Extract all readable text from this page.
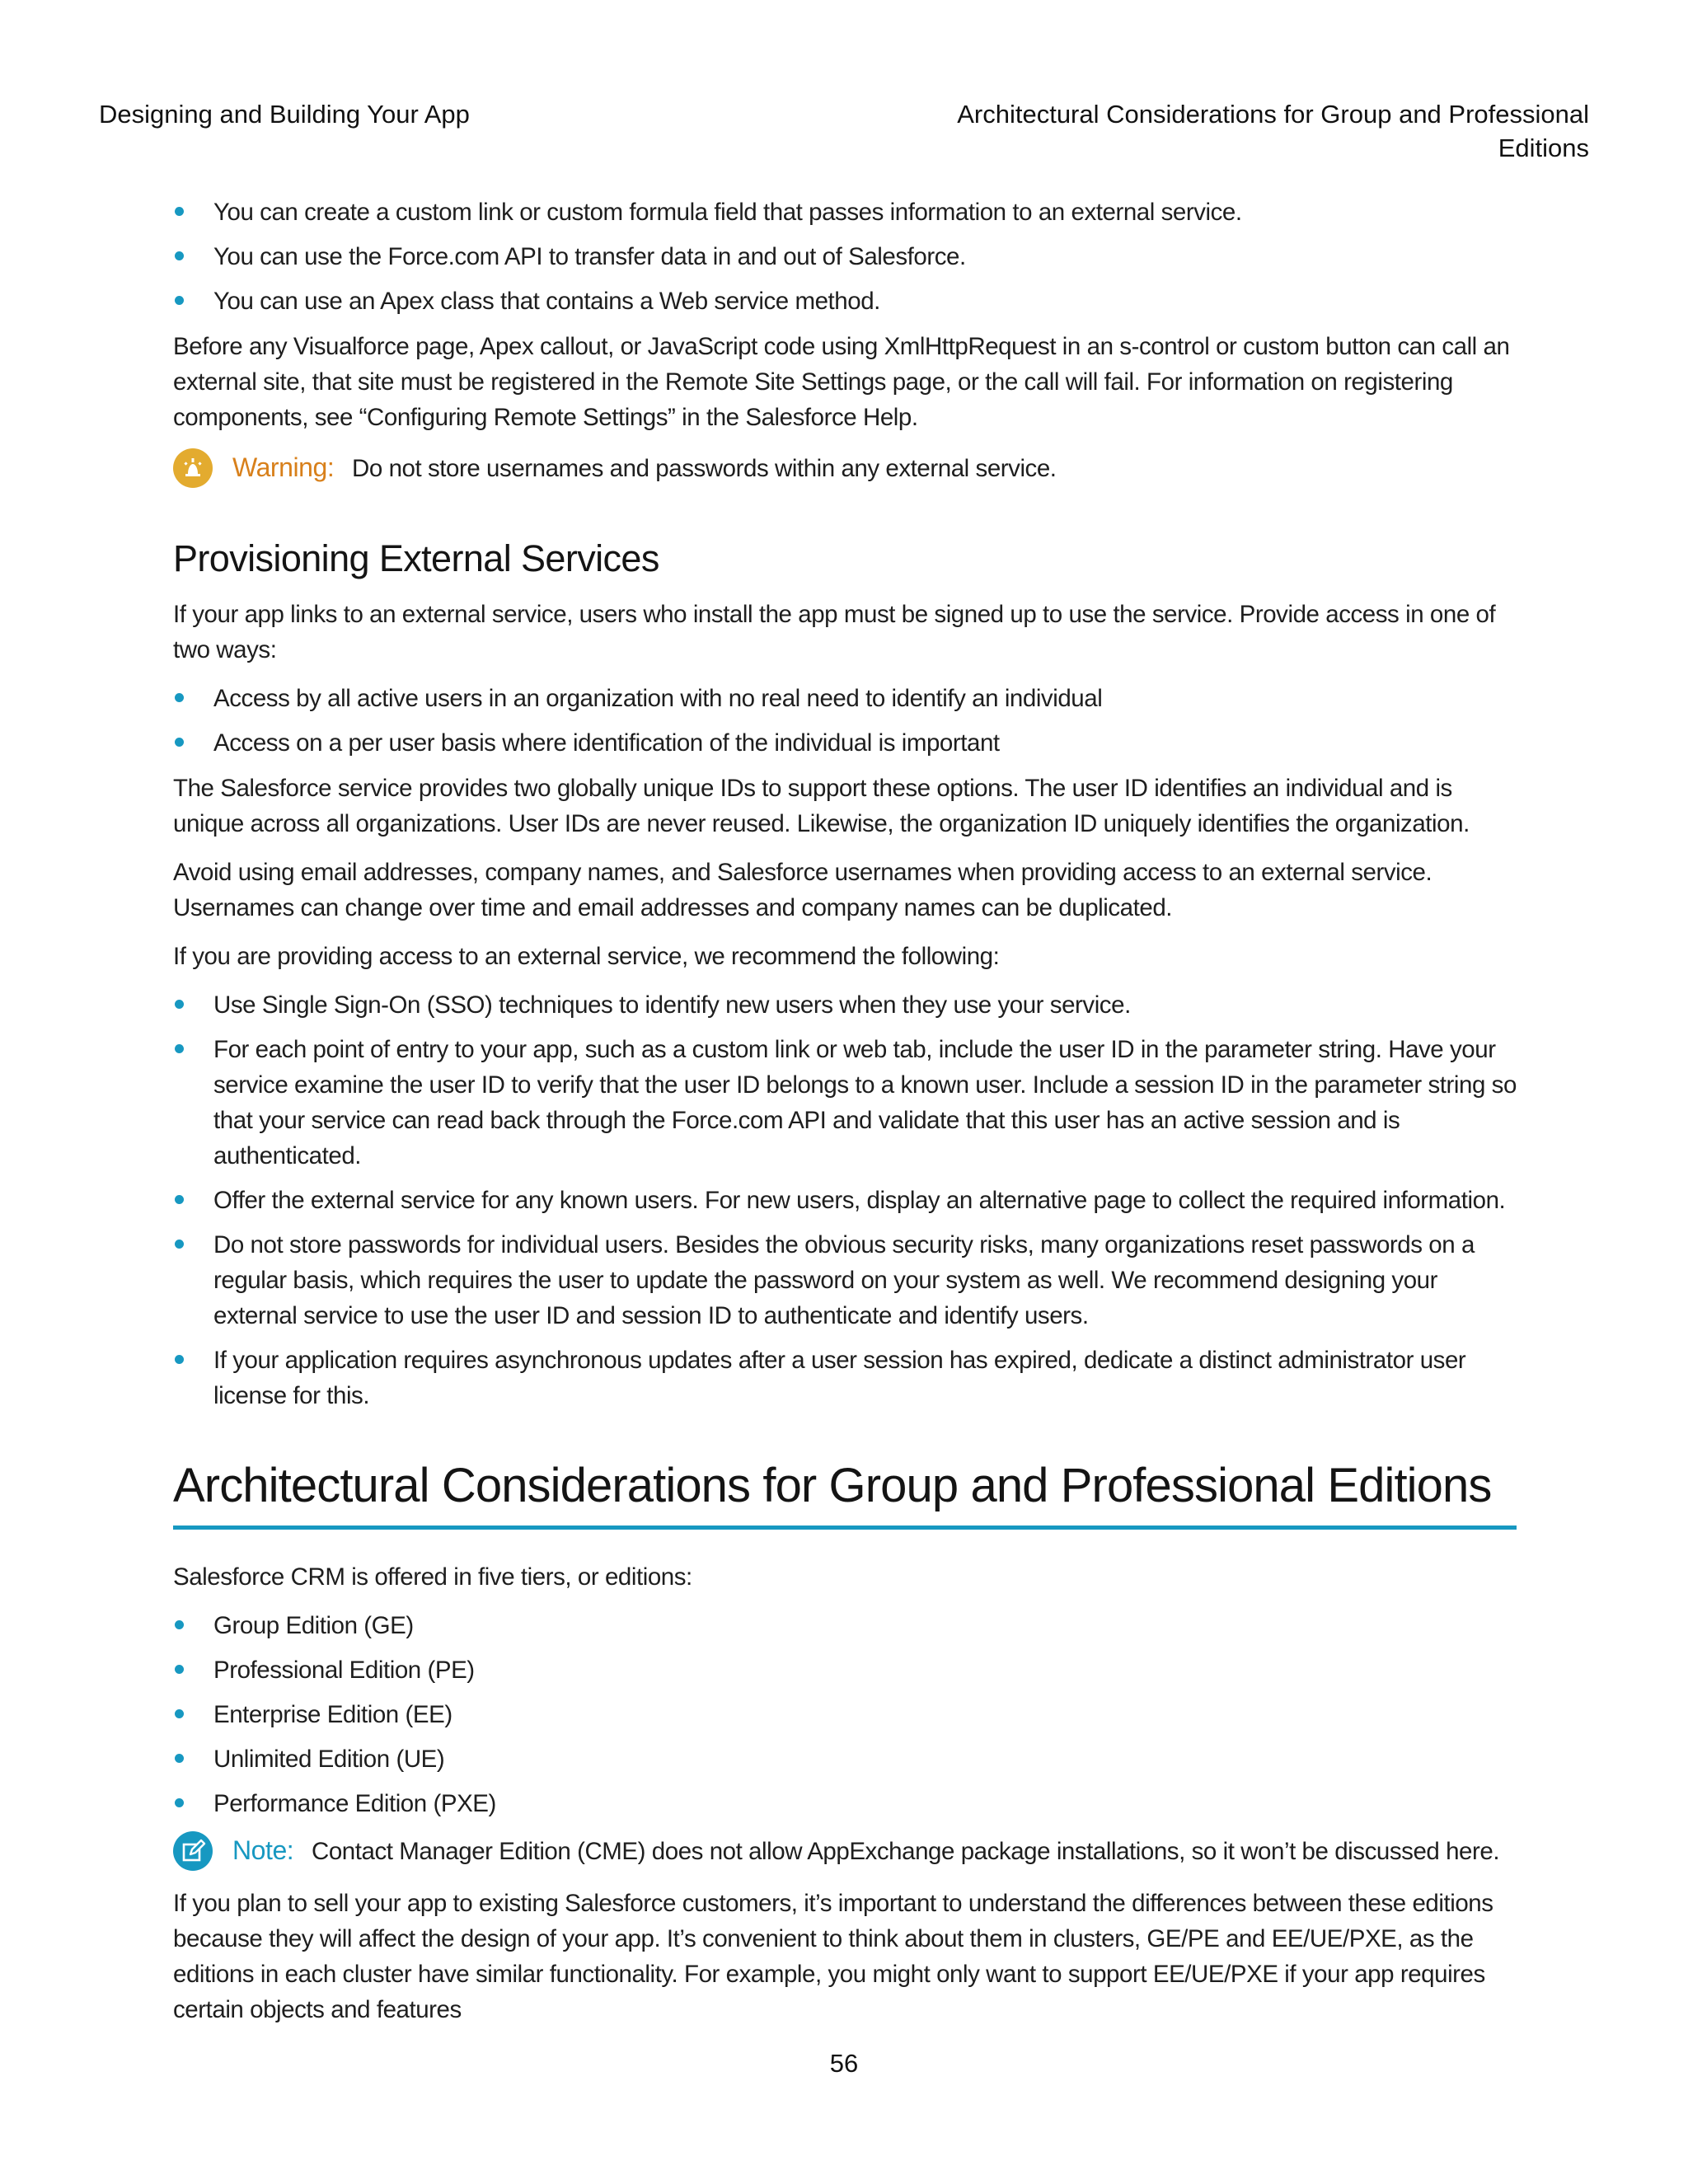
Designing and Building Your App	Architectural Considerations for Group and Professional
Editions
You can create a custom link or custom formula field that passes information to an external service.
You can use the Force.com API to transfer data in and out of Salesforce.
You can use an Apex class that contains a Web service method.

Before any Visualforce page, Apex callout, or JavaScript code using XmlHttpRequest in an s-control or custom button can call an external site, that site must be registered in the Remote Site Settings page, or the call will fail. For information on registering components, see “Configuring Remote Settings” in the Salesforce Help.

Warning: Do not store usernames and passwords within any external service.
Provisioning External Services

If your app links to an external service, users who install the app must be signed up to use the service. Provide access in one of two ways:

Access by all active users in an organization with no real need to identify an individual
Access on a per user basis where identification of the individual is important

The Salesforce service provides two globally unique IDs to support these options. The user ID identifies an individual and is unique across all organizations. User IDs are never reused. Likewise, the organization ID uniquely identifies the organization.

Avoid using email addresses, company names, and Salesforce usernames when providing access to an external service. Usernames can change over time and email addresses and company names can be duplicated.

If you are providing access to an external service, we recommend the following:

Use Single Sign-On (SSO) techniques to identify new users when they use your service.
For each point of entry to your app, such as a custom link or web tab, include the user ID in the parameter string. Have your service examine the user ID to verify that the user ID belongs to a known user. Include a session ID in the parameter string so that your service can read back through the Force.com API and validate that this user has an active session and is authenticated.
Offer the external service for any known users. For new users, display an alternative page to collect the required information.
Do not store passwords for individual users. Besides the obvious security risks, many organizations reset passwords on a regular basis, which requires the user to update the password on your system as well. We recommend designing your external service to use the user ID and session ID to authenticate and identify users.
If your application requires asynchronous updates after a user session has expired, dedicate a distinct administrator user license for this.
Architectural Considerations for Group and Professional Editions

Salesforce CRM is offered in five tiers, or editions:

Group Edition (GE)
Professional Edition (PE)
Enterprise Edition (EE)
Unlimited Edition (UE)
Performance Edition (PXE)
Note: Contact Manager Edition (CME) does not allow AppExchange package installations, so it won’t be discussed here.

If you plan to sell your app to existing Salesforce customers, it’s important to understand the differences between these editions because they will affect the design of your app. It’s convenient to think about them in clusters, GE/PE and EE/UE/PXE, as the editions in each cluster have similar functionality. For example, you might only want to support EE/UE/PXE if your app requires certain objects and features

56
